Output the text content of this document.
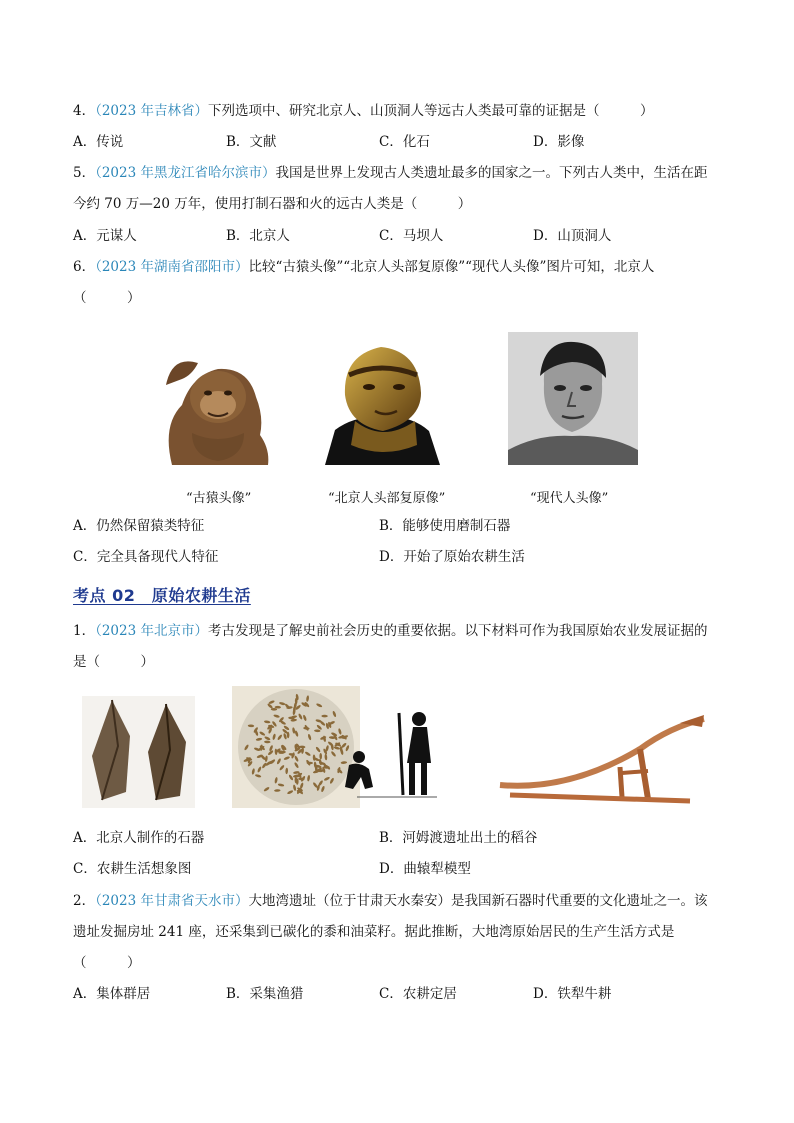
4．（2023 年吉林省）下列选项中、研究北京人、山顶洞人等远古人类最可靠的证据是（　　　）
A．传说	B．文献	C．化石	D．影像
5．（2023 年黑龙江省哈尔滨市）我国是世界上发现古人类遗址最多的国家之一。下列古人类中，生活在距
今约 70 万—20 万年，使用打制石器和火的远古人类是（　　　）
A．元谋人	B．北京人	C．马坝人	D．山顶洞人
6．（2023 年湖南省邵阳市）比较“古猿头像”“北京人头部复原像”“现代人头像”图片可知，北京人
（　　　）
“古猿头像”	“北京人头部复原像”	“现代人头像”
A．仍然保留猿类特征	B．能够使用磨制石器
C．完全具备现代人特征	D．开始了原始农耕生活
考点 02　原始农耕生活
1．（2023 年北京市）考古发现是了解史前社会历史的重要依据。以下材料可作为我国原始农业发展证据的
是（　　　）
A．北京人制作的石器	B．河姆渡遗址出土的稻谷
C．农耕生活想象图	D．曲辕犁模型
2．（2023 年甘肃省天水市）大地湾遗址（位于甘肃天水秦安）是我国新石器时代重要的文化遗址之一。该
遗址发掘房址 241 座，还采集到已碳化的黍和油菜籽。据此推断，大地湾原始居民的生产生活方式是
（　　　）
A．集体群居	B．采集渔猎	C．农耕定居	D．铁犁牛耕
